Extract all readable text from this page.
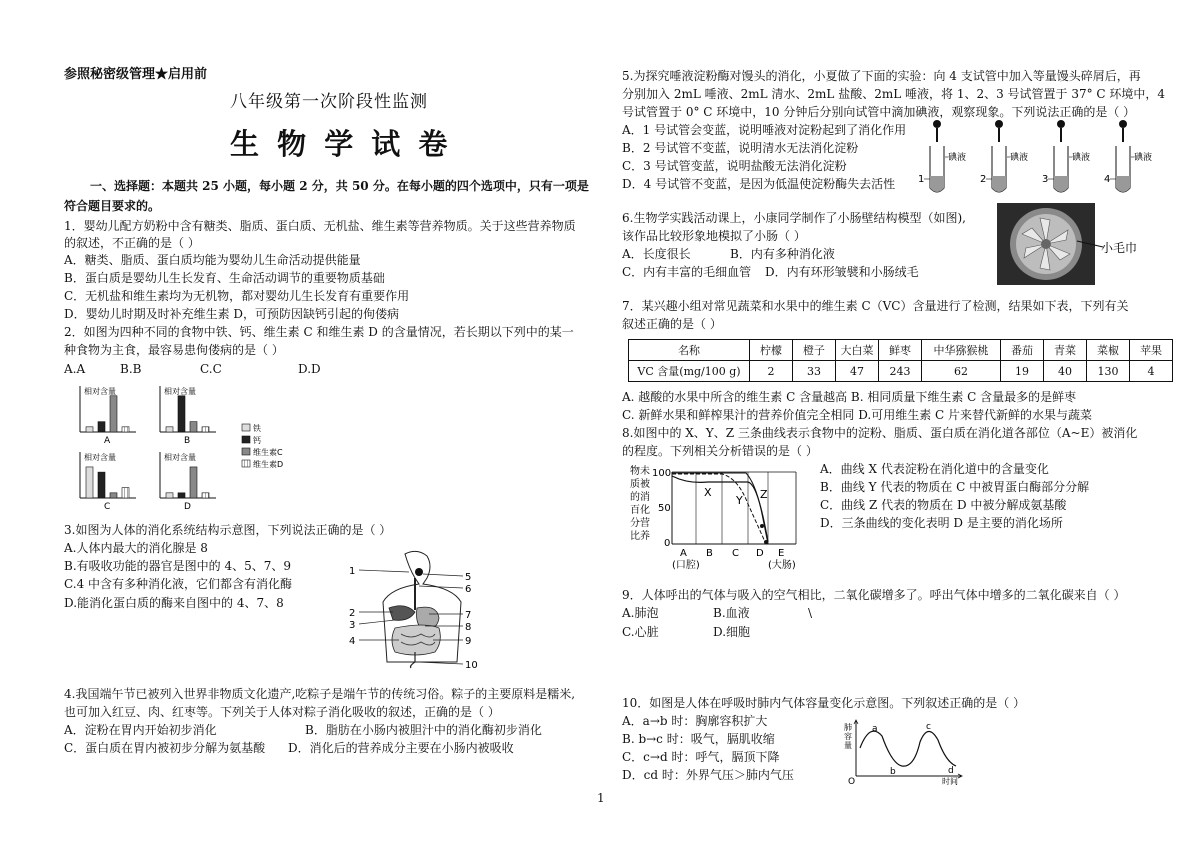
参照秘密级管理★启用前
八年级第一次阶段性监测
生 物 学 试 卷
一、选择题：本题共 25 小题，每小题 2 分，共 50 分。在每小题的四个选项中，只有一项是
符合题目要求的。
1．婴幼儿配方奶粉中含有糖类、脂质、蛋白质、无机盐、维生素等营养物质。关于这些营养物质
的叙述，不正确的是（ ）
A．糖类、脂质、蛋白质均能为婴幼儿生命活动提供能量
B．蛋白质是婴幼儿生长发育、生命活动调节的重要物质基础
C．无机盐和维生素均为无机物，都对婴幼儿生长发育有重要作用
D．婴幼儿时期及时补充维生素 D，可预防因缺钙引起的佝偻病
2．如图为四种不同的食物中铁、钙、维生素 C 和维生素 D 的含量情况，若长期以下列中的某一
种食物为主食，最容易患佝偻病的是（ ）
A.A	B.B	C.C	D.D
相对含量
A
相对含量
B
相对含量
C
相对含量
D
铁
钙
维生素C
维生素D
3.如图为人体的消化系统结构示意图，下列说法正确的是（ ）
A.人体内最大的消化腺是 8
B.有吸收功能的器官是图中的 4、5、7、9
C.4 中含有多种消化液，它们都含有消化酶
D.能消化蛋白质的酶来自图中的 4、7、8
1
2
3
4
5
6
7
8
9
10
4.我国端午节已被列入世界非物质文化遗产,吃粽子是端午节的传统习俗。粽子的主要原料是糯米,
也可加入红豆、肉、红枣等。下列关于人体对粽子消化吸收的叙述，正确的是（ ）
A．淀粉在胃内开始初步消化	B．脂肪在小肠内被胆汁中的消化酶初步消化
C．蛋白质在胃内被初步分解为氨基酸 D．消化后的营养成分主要在小肠内被吸收
5.为探究唾液淀粉酶对馒头的消化，小夏做了下面的实验：向 4 支试管中加入等量馒头碎屑后，再
分别加入 2mL 唾液、2mL 清水、2mL 盐酸、2mL 唾液，将 1、2、3 号试管置于 37° C 环境中，4
号试管置于 0° C 环境中，10 分钟后分别向试管中滴加碘液，观察现象。下列说法正确的是（ ）
A．1 号试管会变蓝，说明唾液对淀粉起到了消化作用
B．2 号试管不变蓝，说明清水无法消化淀粉
C．3 号试管变蓝，说明盐酸无法消化淀粉
D．4 号试管不变蓝，是因为低温使淀粉酶失去活性
碘液
1
碘液
2
碘液
3
碘液
4
6.生物学实践活动课上，小康同学制作了小肠壁结构模型（如图),
该作品比较形象地模拟了小肠（ ）
A．长度很长	B．内有多种消化液
C．内有丰富的毛细血管 D．内有环形皱襞和小肠绒毛
小毛巾
7．某兴趣小组对常见蔬菜和水果中的维生素 C（VC）含量进行了检测，结果如下表，下列有关
叙述正确的是（ ）
名称	柠檬	橙子	大白菜	鲜枣	中华猕猴桃	番茄	青菜	菜椒	苹果
VC 含量(mg/100 g)	2	33	47	243	62	19	40	130	4
A. 越酸的水果中所含的维生素 C 含量越高 B. 相同质量下维生素 C 含量最多的是鲜枣
C. 新鲜水果和鲜榨果汁的营养价值完全相同 D.可用维生素 C 片来替代新鲜的水果与蔬菜
8.如图中的 X、Y、Z 三条曲线表示食物中的淀粉、脂质、蛋白质在消化道各部位（A~E）被消化
的程度。下列相关分析错误的是（ ）
物 未
质 被
的 消
百 化
分 营
比 养
100
50
0
X
Y Z
A B C D E
(口腔)	(大肠)
A．曲线 X 代表淀粉在消化道中的含量变化
B．曲线 Y 代表的物质在 C 中被胃蛋白酶部分分解
C．曲线 Z 代表的物质在 D 中被分解成氨基酸
D．三条曲线的变化表明 D 是主要的消化场所
9．人体呼出的气体与吸入的空气相比，二氧化碳增多了。呼出气体中增多的二氧化碳来自（ ）
A.肺泡	B.血液	\
C.心脏	D.细胞
10．如图是人体在呼吸时肺内气体容量变化示意图。下列叙述正确的是（ ）
A．a→b 时：胸廓容积扩大
B. b→c 时：吸气，膈肌收缩
C．c→d 时：呼气，膈顶下降
D．cd 时：外界气压＞肺内气压
肺
容
量
a
b
c
d
O	时间
1
